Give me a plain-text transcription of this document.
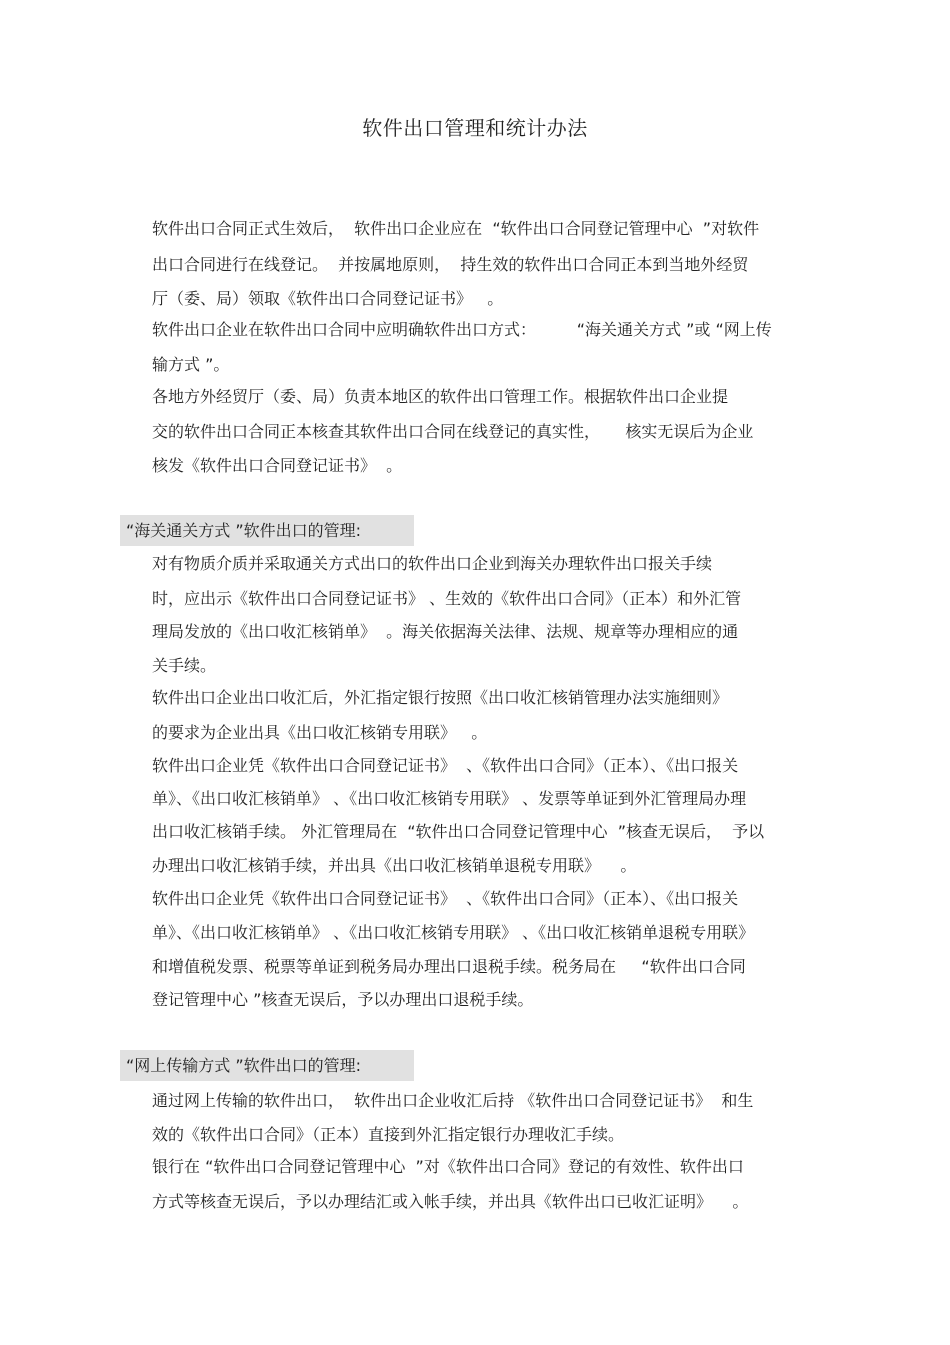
软件出口管理和统计办法
软件出口合同正式生效后，  软件出口企业应在  “软件出口合同登记管理中心  ”对软件
出口合同进行在线登记。  并按属地原则，  持生效的软件出口合同正本到当地外经贸
厅（委、局）领取《软件出口合同登记证书》   。
软件出口企业在软件出口合同中应明确软件出口方式：        “海关通关方式 ”或 “网上传
输方式 ”。
各地方外经贸厅（委、局）负责本地区的软件出口管理工作。根据软件出口企业提
交的软件出口合同正本核查其软件出口合同在线登记的真实性，     核实无误后为企业
核发《软件出口合同登记证书》  。
“海关通关方式 ”软件出口的管理:
对有物质介质并采取通关方式出口的软件出口企业到海关办理软件出口报关手续
时，应出示《软件出口合同登记证书》 、生效的《软件出口合同》（正本）和外汇管
理局发放的《出口收汇核销单》  。海关依据海关法律、法规、规章等办理相应的通
关手续。
软件出口企业出口收汇后，外汇指定银行按照《出口收汇核销管理办法实施细则》
的要求为企业出具《出口收汇核销专用联》   。
软件出口企业凭《软件出口合同登记证书》  、《软件出口合同》（正本）、《出口报关
单》、《出口收汇核销单》 、《出口收汇核销专用联》 、发票等单证到外汇管理局办理
出口收汇核销手续。 外汇管理局在  “软件出口合同登记管理中心  ”核查无误后，  予以
办理出口收汇核销手续，并出具《出口收汇核销单退税专用联》    。
软件出口企业凭《软件出口合同登记证书》  、《软件出口合同》（正本）、《出口报关
单》、《出口收汇核销单》 、《出口收汇核销专用联》 、《出口收汇核销单退税专用联》
和增值税发票、税票等单证到税务局办理出口退税手续。税务局在     “软件出口合同
登记管理中心 ”核查无误后，予以办理出口退税手续。
“网上传输方式 ”软件出口的管理:
通过网上传输的软件出口，  软件出口企业收汇后持 《软件出口合同登记证书》  和生
效的《软件出口合同》（正本）直接到外汇指定银行办理收汇手续。
银行在 “软件出口合同登记管理中心  ”对《软件出口合同》登记的有效性、软件出口
方式等核查无误后，予以办理结汇或入帐手续，并出具《软件出口已收汇证明》    。
